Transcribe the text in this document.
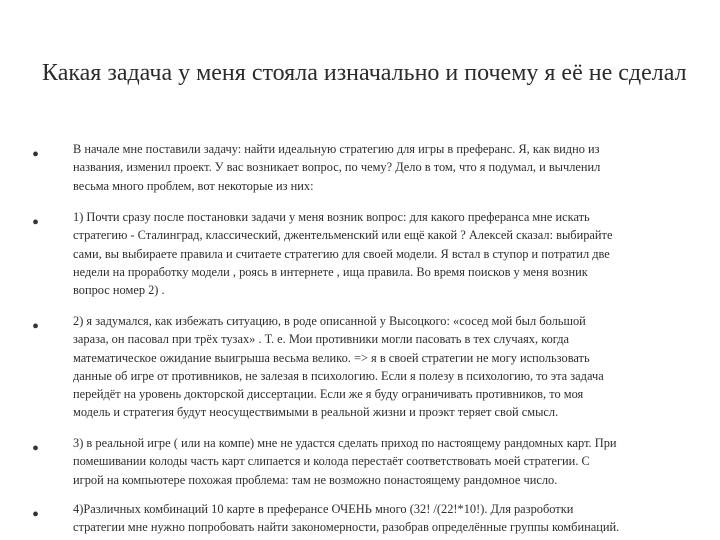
Какая задача у меня стояла изначально и почему я её не сделал
•	В начале мне поставили задачу: найти идеальную стратегию для игры в преферанс. Я, как видно из
названия, изменил проект. У вас возникает вопрос, по чему? Дело в том, что я подумал, и вычленил
весьма много проблем, вот некоторые из них:
•	1) Почти сразу после постановки задачи у меня возник вопрос: для какого преферанса мне искать
стратегию - Сталинград, классический, джентельменский или ещё какой ? Алексей сказал: выбирайте
сами, вы выбираете правила и считаете стратегию для своей модели. Я встал в ступор и потратил две
недели на проработку модели , роясь в интернете , ища правила. Во время поисков у меня возник
вопрос номер 2) .
•	2) я задумался, как избежать ситуацию, в роде описанной у Высоцкого: «сосед мой был большой
зараза, он пасовал при трёх тузах» . Т. е. Мои противники могли пасовать в тех случаях, когда
математическое ожидание выигрыша весьма велико. => я в своей стратегии не могу использовать
данные об игре от противников, не залезая в психологию. Если я полезу в психологию, то эта задача
перейдёт на уровень докторской диссертации. Если же я буду ограничивать противников, то моя
модель и стратегия будут неосуществимыми в реальной жизни и проэкт теряет свой смысл.
•	3) в реальной игре ( или на компе) мне не удастся сделать приход по настоящему рандомных карт. При
помешивании колоды часть карт слипается и колода перестаёт соответствовать моей стратегии. С
игрой на компьютере похожая проблема: там не возможно понастоящему рандомное число.
•	4)Различных комбинаций 10 карте в преферансе ОЧЕНЬ много (32! /(22!*10!). Для разроботки
стратегии мне нужно попробовать найти закономерности, разобрав определённые группы комбинаций.
